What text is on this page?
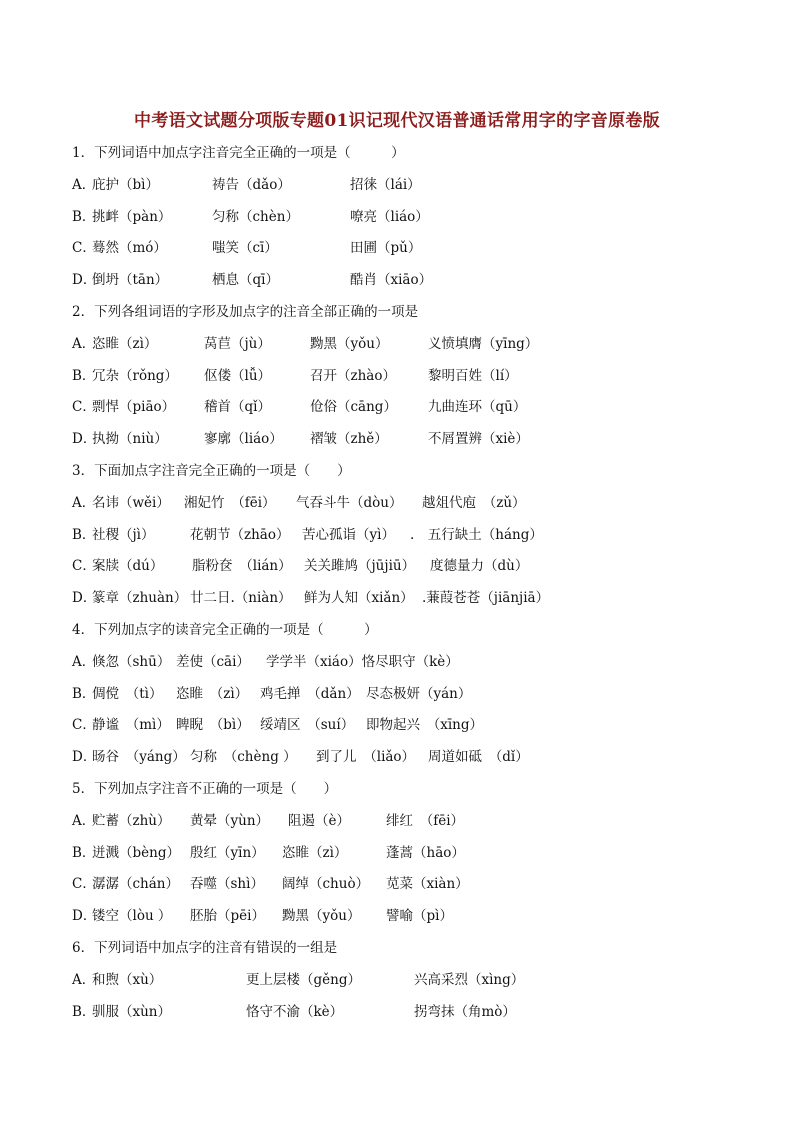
中考语文试题分项版专题01识记现代汉语普通话常用字的字音原卷版
1．下列词语中加点字注音完全正确的一项是（　　　）
A．
庇护（bì）	祷告（dǎo）	招徕（lái）
B．
挑衅（pàn）	匀称（chèn）	嘹亮（liáo）
C．
蓦然（mó）	嗤笑（cī）	田圃（pǔ）
D．
倒坍（tān）	栖息（qī）	酷肖（xiāo）
2．下列各组词语的字形及加点字的注音全部正确的一项是
A．
恣睢（zì）	莴苣（jù）	黝黑（yǒu）	义愤填膺（yīng）
B．
冗杂（rǒng） 伛偻（lǚ）	召开（zhào） 黎明百姓（lí）
C．
剽悍（piāo） 稽首（qǐ）	伧俗（cāng） 九曲连环（qū）
D．
执拗（niù）	寥廓（liáo） 褶皱（zhě）	不屑置辨（xiè）
3．下面加点字注音完全正确的一项是（　　）
A．
名讳（wěi） 湘妃竹　（fēi） 气吞斗牛（dòu） 越俎代庖　（zǔ）
B．
社稷（jì）	花朝节（zhāo） 苦心孤诣（yì） .　五行缺土（háng）
C．
案牍（dú） 脂粉奁　（lián） 关关雎鸠（jūjiū） 度德量力（dù）
D．
篆章（zhuàn） 廿二日.（niàn） 鲜为人知（xiǎn） .蒹葭苍苍（jiānjiā）
4．下列加点字的读音完全正确的一项是（　　　）
A．
倏忽（shū） 差使（cāi） 学学半（xiáo）恪尽职守（kè）
B．
倜傥　（tì） 恣睢　（zì） 鸡毛掸　（dǎn） 尽态极妍（yán）
C．
静谧　（mì） 睥睨　（bì） 绥靖区　（suí） 即物起兴　（xīng）
D．
旸谷　（yáng） 匀称　（chèng ） 到了儿　（liǎo） 周道如砥　（dǐ）
5．下列加点字注音不正确的一项是（　　）
A．
贮蓄（zhù） 黄晕（yùn） 阻遏（è）	绯红　（fēi）
B．
迸溅（bèng） 殷红（yīn） 恣睢（zì）	蓬蒿（hāo）
C．
潺潺（chán） 吞噬（shì） 阔绰（chuò） 苋菜（xiàn）
D．
镂空（lòu ） 胚胎（pēi） 黝黑（yǒu） 譬喻（pì）
6．下列词语中加点字的注音有错误的一组是
A．
和煦（xù）	更上层楼（gěng）	兴高采烈（xìng）
B．
驯服（xùn）	恪守不渝（kè）	拐弯抹（角mò）
